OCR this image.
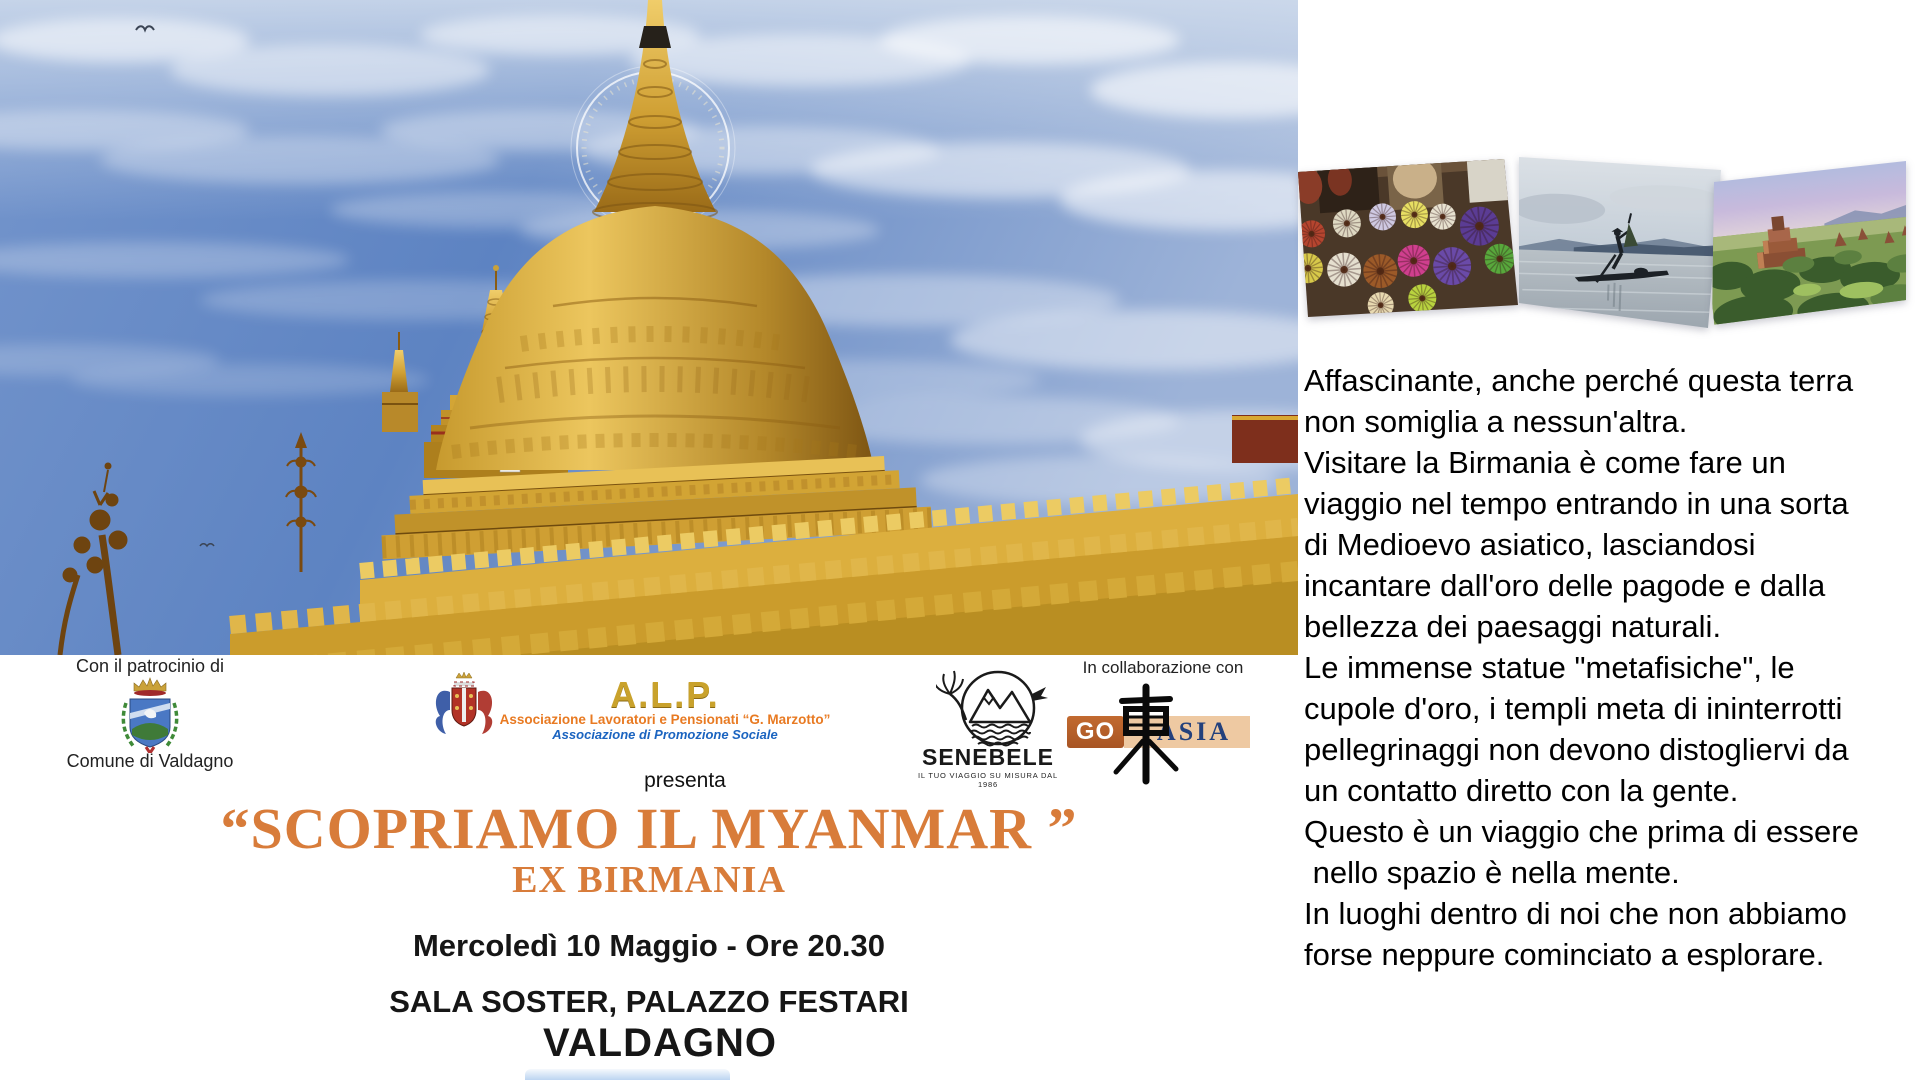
Con il patrocinio di
Comune di Valdagno
A.L.P.
Associazione Lavoratori e Pensionati “G. Marzotto”
Associazione di Promozione Sociale
presenta
SENEBELE
IL TUO VIAGGIO SU MISURA DAL 1986
In collaborazione con
GO ASIA
“SCOPRIAMO IL MYANMAR ”
EX BIRMANIA
Mercoledì 10 Maggio - Ore 20.30
SALA SOSTER, PALAZZO FESTARI
VALDAGNO
Affascinante, anche perché questa terra
non somiglia a nessun'altra.
Visitare la Birmania è come fare un
viaggio nel tempo entrando in una sorta
di Medioevo asiatico, lasciandosi
incantare dall'oro delle pagode e dalla
bellezza dei paesaggi naturali.
Le immense statue "metafisiche", le
cupole d'oro, i templi meta di ininterrotti
pellegrinaggi non devono distogliervi da
un contatto diretto con la gente.
Questo è un viaggio che prima di essere
nello spazio è nella mente.
In luoghi dentro di noi che non abbiamo
forse neppure cominciato a esplorare.
